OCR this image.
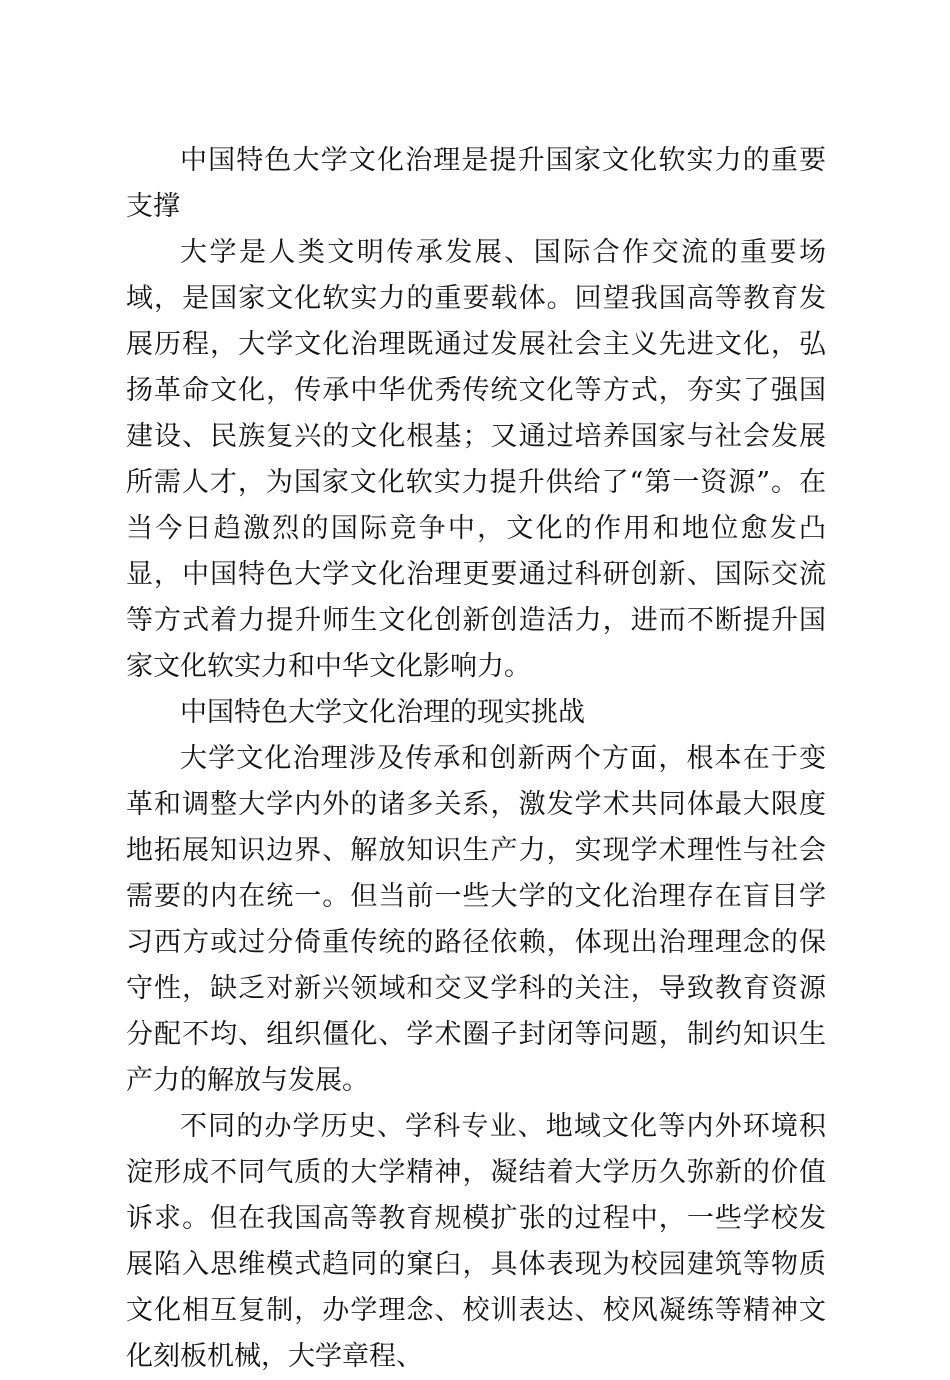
中国特色大学文化治理是提升国家文化软实力的重要支撑

大学是人类文明传承发展、国际合作交流的重要场域，是国家文化软实力的重要载体。回望我国高等教育发展历程，大学文化治理既通过发展社会主义先进文化，弘扬革命文化，传承中华优秀传统文化等方式，夯实了强国建设、民族复兴的文化根基；又通过培养国家与社会发展所需人才，为国家文化软实力提升供给了“第一资源”。在当今日趋激烈的国际竞争中，文化的作用和地位愈发凸显，中国特色大学文化治理更要通过科研创新、国际交流等方式着力提升师生文化创新创造活力，进而不断提升国家文化软实力和中华文化影响力。

中国特色大学文化治理的现实挑战

大学文化治理涉及传承和创新两个方面，根本在于变革和调整大学内外的诸多关系，激发学术共同体最大限度地拓展知识边界、解放知识生产力，实现学术理性与社会需要的内在统一。但当前一些大学的文化治理存在盲目学习西方或过分倚重传统的路径依赖，体现出治理理念的保守性，缺乏对新兴领域和交叉学科的关注，导致教育资源分配不均、组织僵化、学术圈子封闭等问题，制约知识生产力的解放与发展。

不同的办学历史、学科专业、地域文化等内外环境积淀形成不同气质的大学精神，凝结着大学历久弥新的价值诉求。但在我国高等教育规模扩张的过程中，一些学校发展陷入思维模式趋同的窠臼，具体表现为校园建筑等物质文化相互复制，办学理念、校训表达、校风凝练等精神文化刻板机械，大学章程、
